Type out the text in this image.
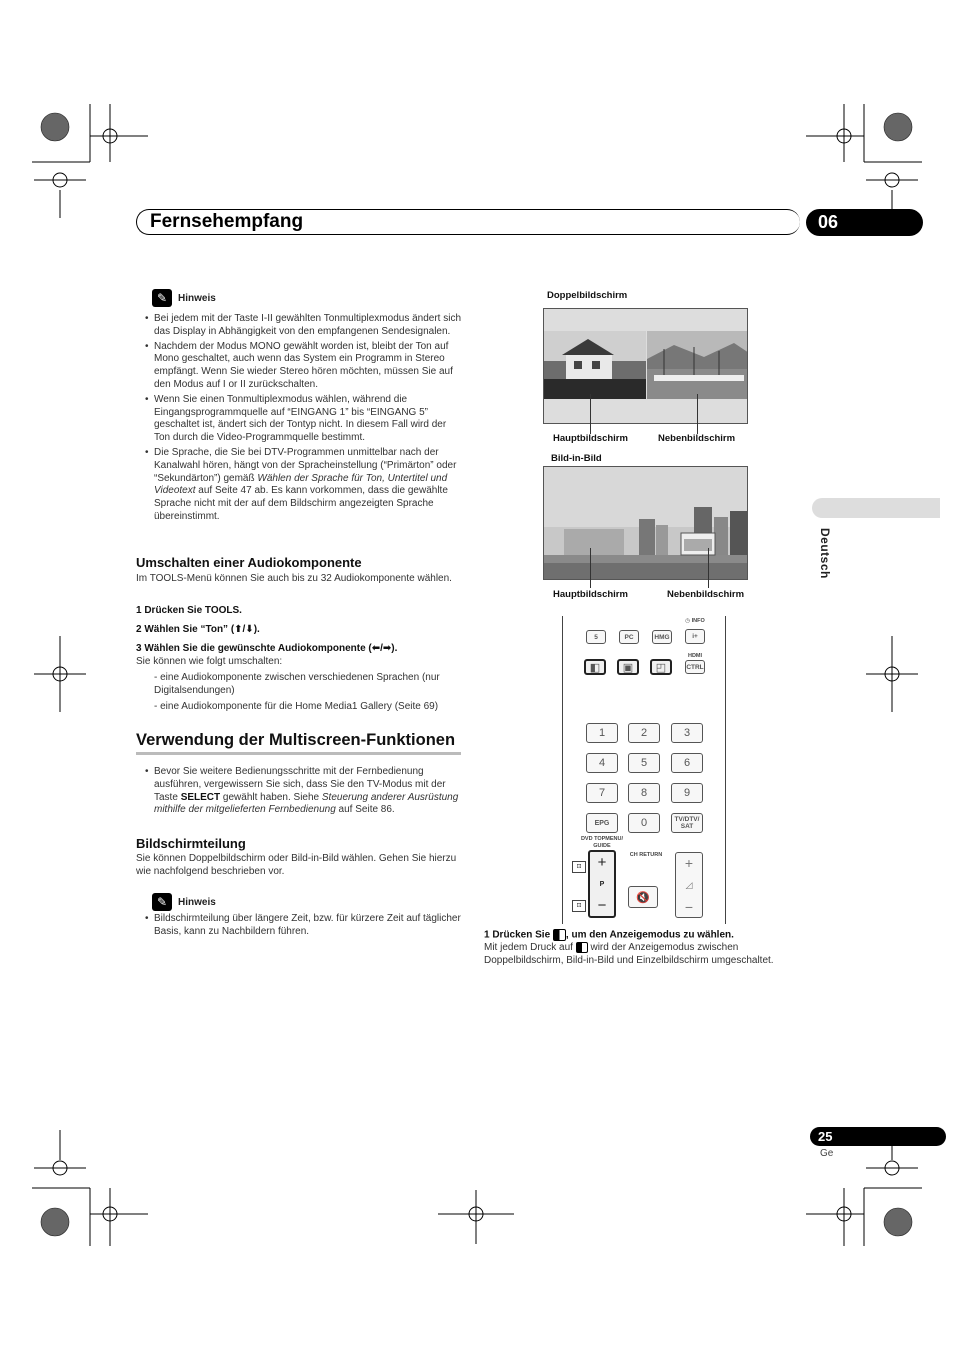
Fernsehempfang	06
Deutsch
✎	Hinweis
• Bei jedem mit der Taste I-II gewählten Tonmultiplexmodus ändert sich das Display in Abhängigkeit von den empfangenen Sendesignalen.
• Nachdem der Modus MONO gewählt worden ist, bleibt der Ton auf Mono geschaltet, auch wenn das System ein Programm in Stereo empfängt. Wenn Sie wieder Stereo hören möchten, müssen Sie auf den Modus auf I or II zurückschalten.
• Wenn Sie einen Tonmultiplexmodus wählen, während die Eingangsprogrammquelle auf “EINGANG 1” bis “EINGANG 5” geschaltet ist, ändert sich der Tontyp nicht. In diesem Fall wird der Ton durch die Video-Programmquelle bestimmt.
• Die Sprache, die Sie bei DTV-Programmen unmittelbar nach der Kanalwahl hören, hängt von der Spracheinstellung (“Primärton” oder “Sekundärton”) gemäß Wählen der Sprache für Ton, Untertitel und Videotext auf Seite 47 ab. Es kann vorkommen, dass die gewählte Sprache nicht mit der auf dem Bildschirm angezeigten Sprache übereinstimmt.
Umschalten einer Audiokomponente
Im TOOLS-Menü können Sie auch bis zu 32 Audiokomponente wählen.
1 Drücken Sie TOOLS.
2 Wählen Sie “Ton” (⬆/⬇).
3 Wählen Sie die gewünschte Audiokomponente (⬅/➡).
Sie können wie folgt umschalten:
- eine Audiokomponente zwischen verschiedenen Sprachen (nur Digitalsendungen)
- eine Audiokomponente für die Home Media1 Gallery (Seite 69)
Verwendung der Multiscreen-Funktionen
• Bevor Sie weitere Bedienungsschritte mit der Fernbedienung ausführen, vergewissern Sie sich, dass Sie den TV-Modus mit der Taste SELECT gewählt haben. Siehe Steuerung anderer Ausrüstung mithilfe der mitgelieferten Fernbedienung auf Seite 86.
Bildschirmteilung
Sie können Doppelbildschirm oder Bild-in-Bild wählen. Gehen Sie hierzu wie nachfolgend beschrieben vor.
✎	Hinweis
• Bildschirmteilung über längere Zeit, bzw. für kürzere Zeit auf täglicher Basis, kann zu Nachbildern führen.
Doppelbildschirm
Hauptbildschirm	Nebenbildschirm
Bild-in-Bild
Hauptbildschirm	Nebenbildschirm
5	PC	HMG
◷ INFO
i+
HDMI
CTRL
◧ ▣ ◰
1	2	3
4	5	6
7	8	9
EPG	0	TV/DTV/ SAT
DVD TOPMENU/ GUIDE
CH RETURN
+
P
−
⊡
⊡
🔇
+
◿
−
1 Drücken Sie , um den Anzeigemodus zu wählen.
Mit jedem Druck auf  wird der Anzeigemodus zwischen Doppelbildschirm, Bild-in-Bild und Einzelbildschirm umgeschaltet.
25
Ge
